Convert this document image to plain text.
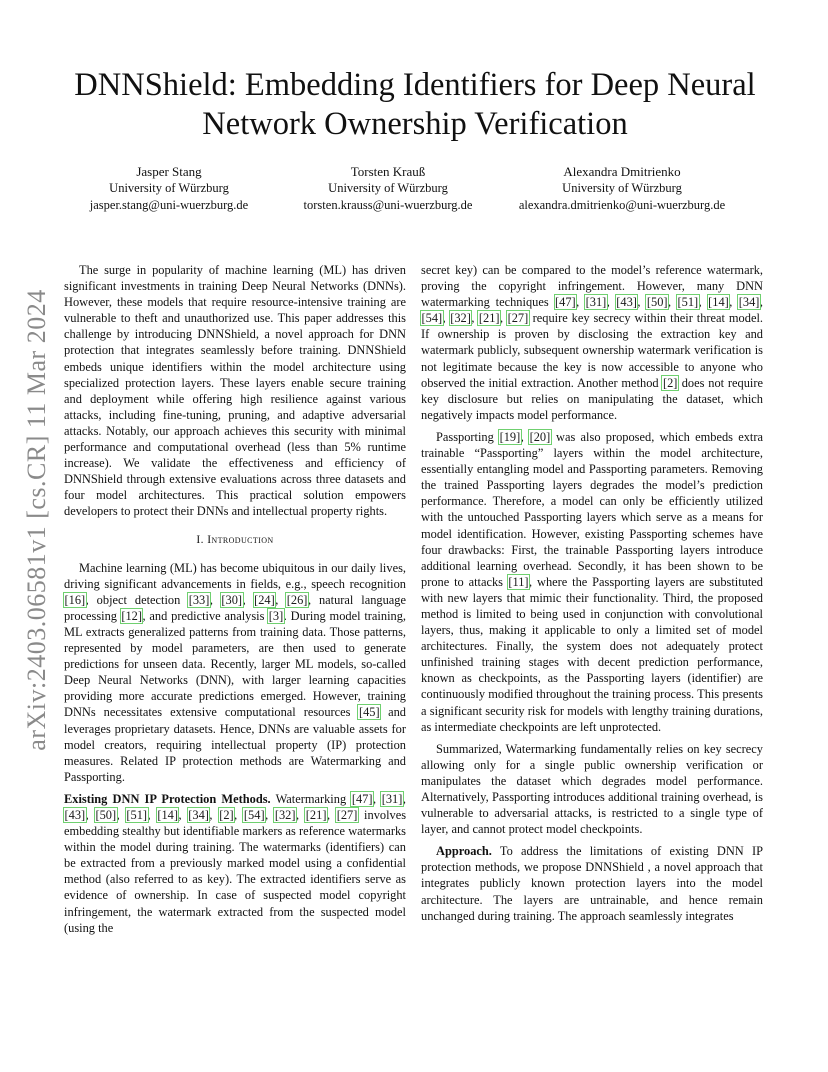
arXiv:2403.06581v1 [cs.CR] 11 Mar 2024
DNNShield: Embedding Identifiers for Deep Neural
Network Ownership Verification
Jasper Stang
University of Würzburg
jasper.stang@uni-wuerzburg.de
Torsten Krauß
University of Würzburg
torsten.krauss@uni-wuerzburg.de
Alexandra Dmitrienko
University of Würzburg
alexandra.dmitrienko@uni-wuerzburg.de

The surge in popularity of machine learning (ML) has driven significant investments in training Deep Neural Networks (DNNs). However, these models that require resource-intensive training are vulnerable to theft and unauthorized use. This paper addresses this challenge by introducing DNNShield, a novel approach for DNN protection that integrates seamlessly before training. DNNShield embeds unique identifiers within the model architecture using specialized protection layers. These layers enable secure training and deployment while offering high resilience against various attacks, including fine-tuning, pruning, and adaptive adversarial attacks. Notably, our approach achieves this security with minimal performance and computational overhead (less than 5% runtime increase). We validate the effectiveness and efficiency of DNNShield through extensive evaluations across three datasets and four model architectures. This practical solution empowers developers to protect their DNNs and intellectual property rights.

I. Introduction

Machine learning (ML) has become ubiquitous in our daily lives, driving significant advancements in fields, e.g., speech recognition [16], object detection [33], [30], [24], [26], natural language processing [12], and predictive analysis [3]. During model training, ML extracts generalized patterns from training data. Those patterns, represented by model parameters, are then used to generate predictions for unseen data. Recently, larger ML models, so-called Deep Neural Networks (DNN), with larger learning capacities providing more accurate predictions emerged. However, training DNNs necessitates extensive computational resources [45] and leverages proprietary datasets. Hence, DNNs are valuable assets for model creators, requiring intellectual property (IP) protection measures. Related IP protection methods are Watermarking and Passporting.

Existing DNN IP Protection Methods. Watermarking [47], [31], [43], [50], [51], [14], [34], [2], [54], [32], [21], [27] involves embedding stealthy but identifiable markers as reference watermarks within the model during training. The watermarks (identifiers) can be extracted from a previously marked model using a confidential method (also referred to as key). The extracted identifiers serve as evidence of ownership. In case of suspected model copyright infringement, the watermark extracted from the suspected model (using the

secret key) can be compared to the model’s reference watermark, proving the copyright infringement. However, many DNN watermarking techniques [47], [31], [43], [50], [51], [14], [34], [54], [32], [21], [27] require key secrecy within their threat model. If ownership is proven by disclosing the extraction key and watermark publicly, subsequent ownership watermark verification is not legitimate because the key is now accessible to anyone who observed the initial extraction. Another method [2] does not require key disclosure but relies on manipulating the dataset, which negatively impacts model performance.

Passporting [19], [20] was also proposed, which embeds extra trainable “Passporting” layers within the model architecture, essentially entangling model and Passporting parameters. Removing the trained Passporting layers degrades the model’s prediction performance. Therefore, a model can only be efficiently utilized with the untouched Passporting layers which serve as a means for model identification. However, existing Passporting schemes have four drawbacks: First, the trainable Passporting layers introduce additional learning overhead. Secondly, it has been shown to be prone to attacks [11], where the Passporting layers are substituted with new layers that mimic their functionality. Third, the proposed method is limited to being used in conjunction with convolutional layers, thus, making it applicable to only a limited set of model architectures. Finally, the system does not adequately protect unfinished training stages with decent prediction performance, known as checkpoints, as the Passporting layers (identifier) are continuously modified throughout the training process. This presents a significant security risk for models with lengthy training durations, as intermediate checkpoints are left unprotected.

Summarized, Watermarking fundamentally relies on key secrecy allowing only for a single public ownership verification or manipulates the dataset which degrades model performance. Alternatively, Passporting introduces additional training overhead, is vulnerable to adversarial attacks, is restricted to a single type of layer, and cannot protect model checkpoints.

Approach. To address the limitations of existing DNN IP protection methods, we propose DNNShield , a novel approach that integrates publicly known protection layers into the model architecture. The layers are untrainable, and hence remain unchanged during training. The approach seamlessly integrates
